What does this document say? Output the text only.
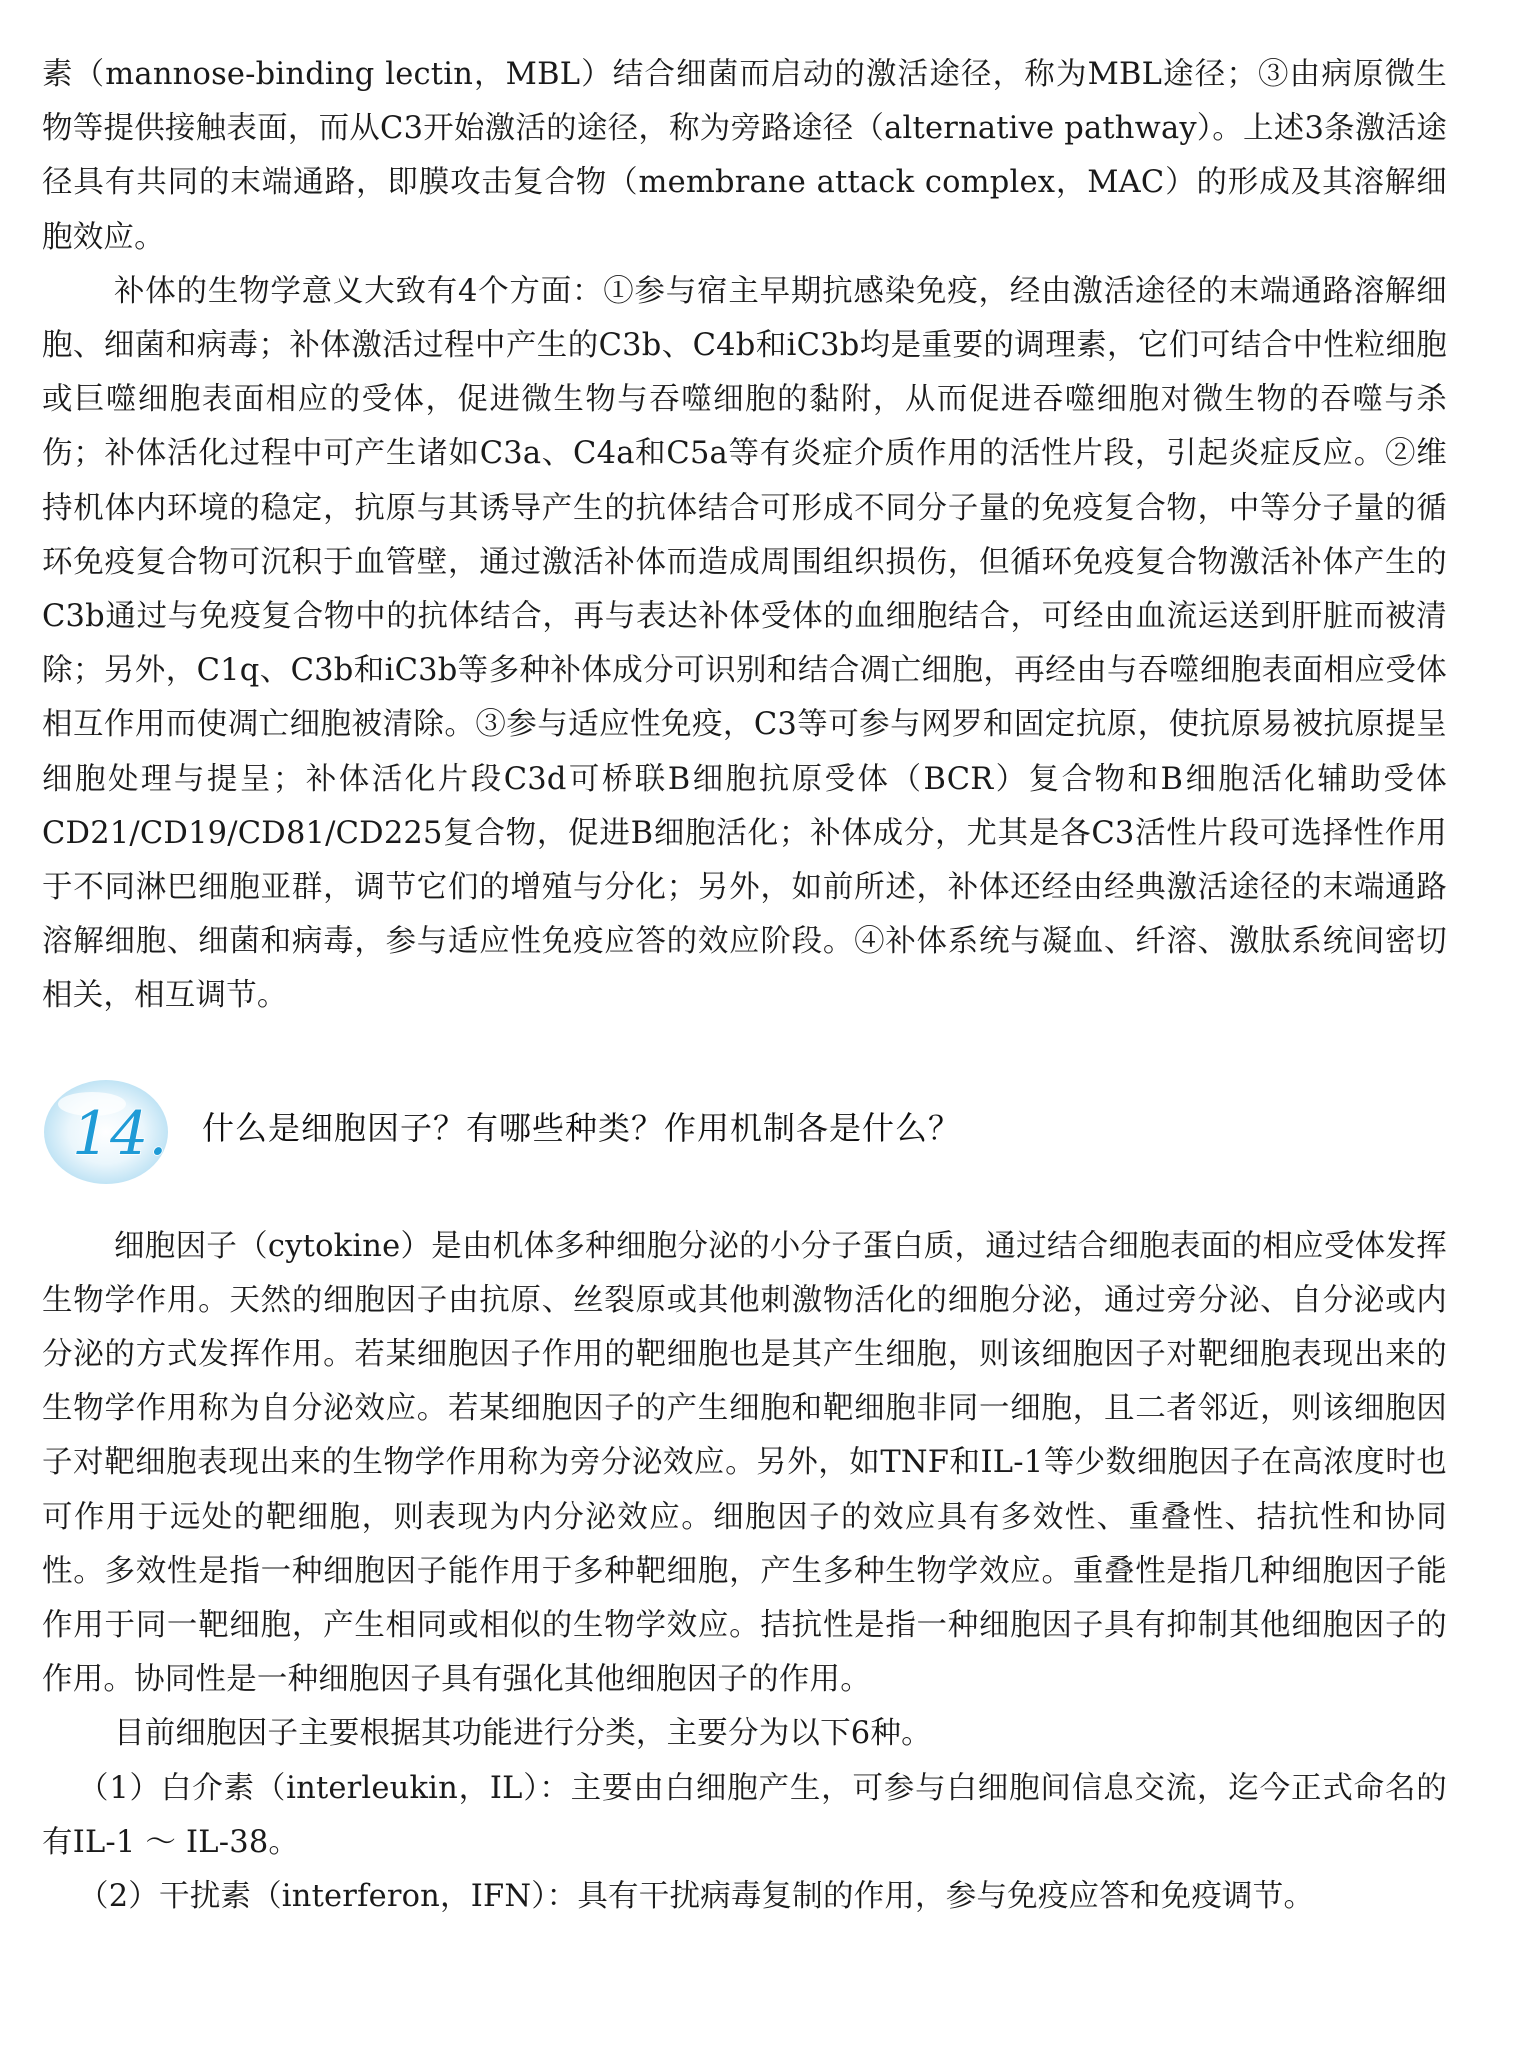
素（mannose-binding lectin，MBL）结合细菌而启动的激活途径，称为MBL途径；③由病原微生物等提供接触表面，而从C3开始激活的途径，称为旁路途径（alternative pathway）。上述3条激活途径具有共同的末端通路，即膜攻击复合物（membrane attack complex，MAC）的形成及其溶解细胞效应。

补体的生物学意义大致有4个方面：①参与宿主早期抗感染免疫，经由激活途径的末端通路溶解细胞、细菌和病毒；补体激活过程中产生的C3b、C4b和iC3b均是重要的调理素，它们可结合中性粒细胞或巨噬细胞表面相应的受体，促进微生物与吞噬细胞的黏附，从而促进吞噬细胞对微生物的吞噬与杀伤；补体活化过程中可产生诸如C3a、C4a和C5a等有炎症介质作用的活性片段，引起炎症反应。②维持机体内环境的稳定，抗原与其诱导产生的抗体结合可形成不同分子量的免疫复合物，中等分子量的循环免疫复合物可沉积于血管壁，通过激活补体而造成周围组织损伤，但循环免疫复合物激活补体产生的C3b通过与免疫复合物中的抗体结合，再与表达补体受体的血细胞结合，可经由血流运送到肝脏而被清除；另外，C1q、C3b和iC3b等多种补体成分可识别和结合凋亡细胞，再经由与吞噬细胞表面相应受体相互作用而使凋亡细胞被清除。③参与适应性免疫，C3等可参与网罗和固定抗原，使抗原易被抗原提呈细胞处理与提呈；补体活化片段C3d可桥联B细胞抗原受体（BCR）复合物和B细胞活化辅助受体CD21/CD19/CD81/CD225复合物，促进B细胞活化；补体成分，尤其是各C3活性片段可选择性作用于不同淋巴细胞亚群，调节它们的增殖与分化；另外，如前所述，补体还经由经典激活途径的末端通路溶解细胞、细菌和病毒，参与适应性免疫应答的效应阶段。④补体系统与凝血、纤溶、激肽系统间密切相关，相互调节。

14. 什么是细胞因子？有哪些种类？作用机制各是什么？

细胞因子（cytokine）是由机体多种细胞分泌的小分子蛋白质，通过结合细胞表面的相应受体发挥生物学作用。天然的细胞因子由抗原、丝裂原或其他刺激物活化的细胞分泌，通过旁分泌、自分泌或内分泌的方式发挥作用。若某细胞因子作用的靶细胞也是其产生细胞，则该细胞因子对靶细胞表现出来的生物学作用称为自分泌效应。若某细胞因子的产生细胞和靶细胞非同一细胞，且二者邻近，则该细胞因子对靶细胞表现出来的生物学作用称为旁分泌效应。另外，如TNF和IL-1等少数细胞因子在高浓度时也可作用于远处的靶细胞，则表现为内分泌效应。细胞因子的效应具有多效性、重叠性、拮抗性和协同性。多效性是指一种细胞因子能作用于多种靶细胞，产生多种生物学效应。重叠性是指几种细胞因子能作用于同一靶细胞，产生相同或相似的生物学效应。拮抗性是指一种细胞因子具有抑制其他细胞因子的作用。协同性是一种细胞因子具有强化其他细胞因子的作用。

目前细胞因子主要根据其功能进行分类，主要分为以下6种。

（1）白介素（interleukin，IL）：主要由白细胞产生，可参与白细胞间信息交流，迄今正式命名的有IL-1 ～ IL-38。

（2）干扰素（interferon，IFN）：具有干扰病毒复制的作用，参与免疫应答和免疫调节。
